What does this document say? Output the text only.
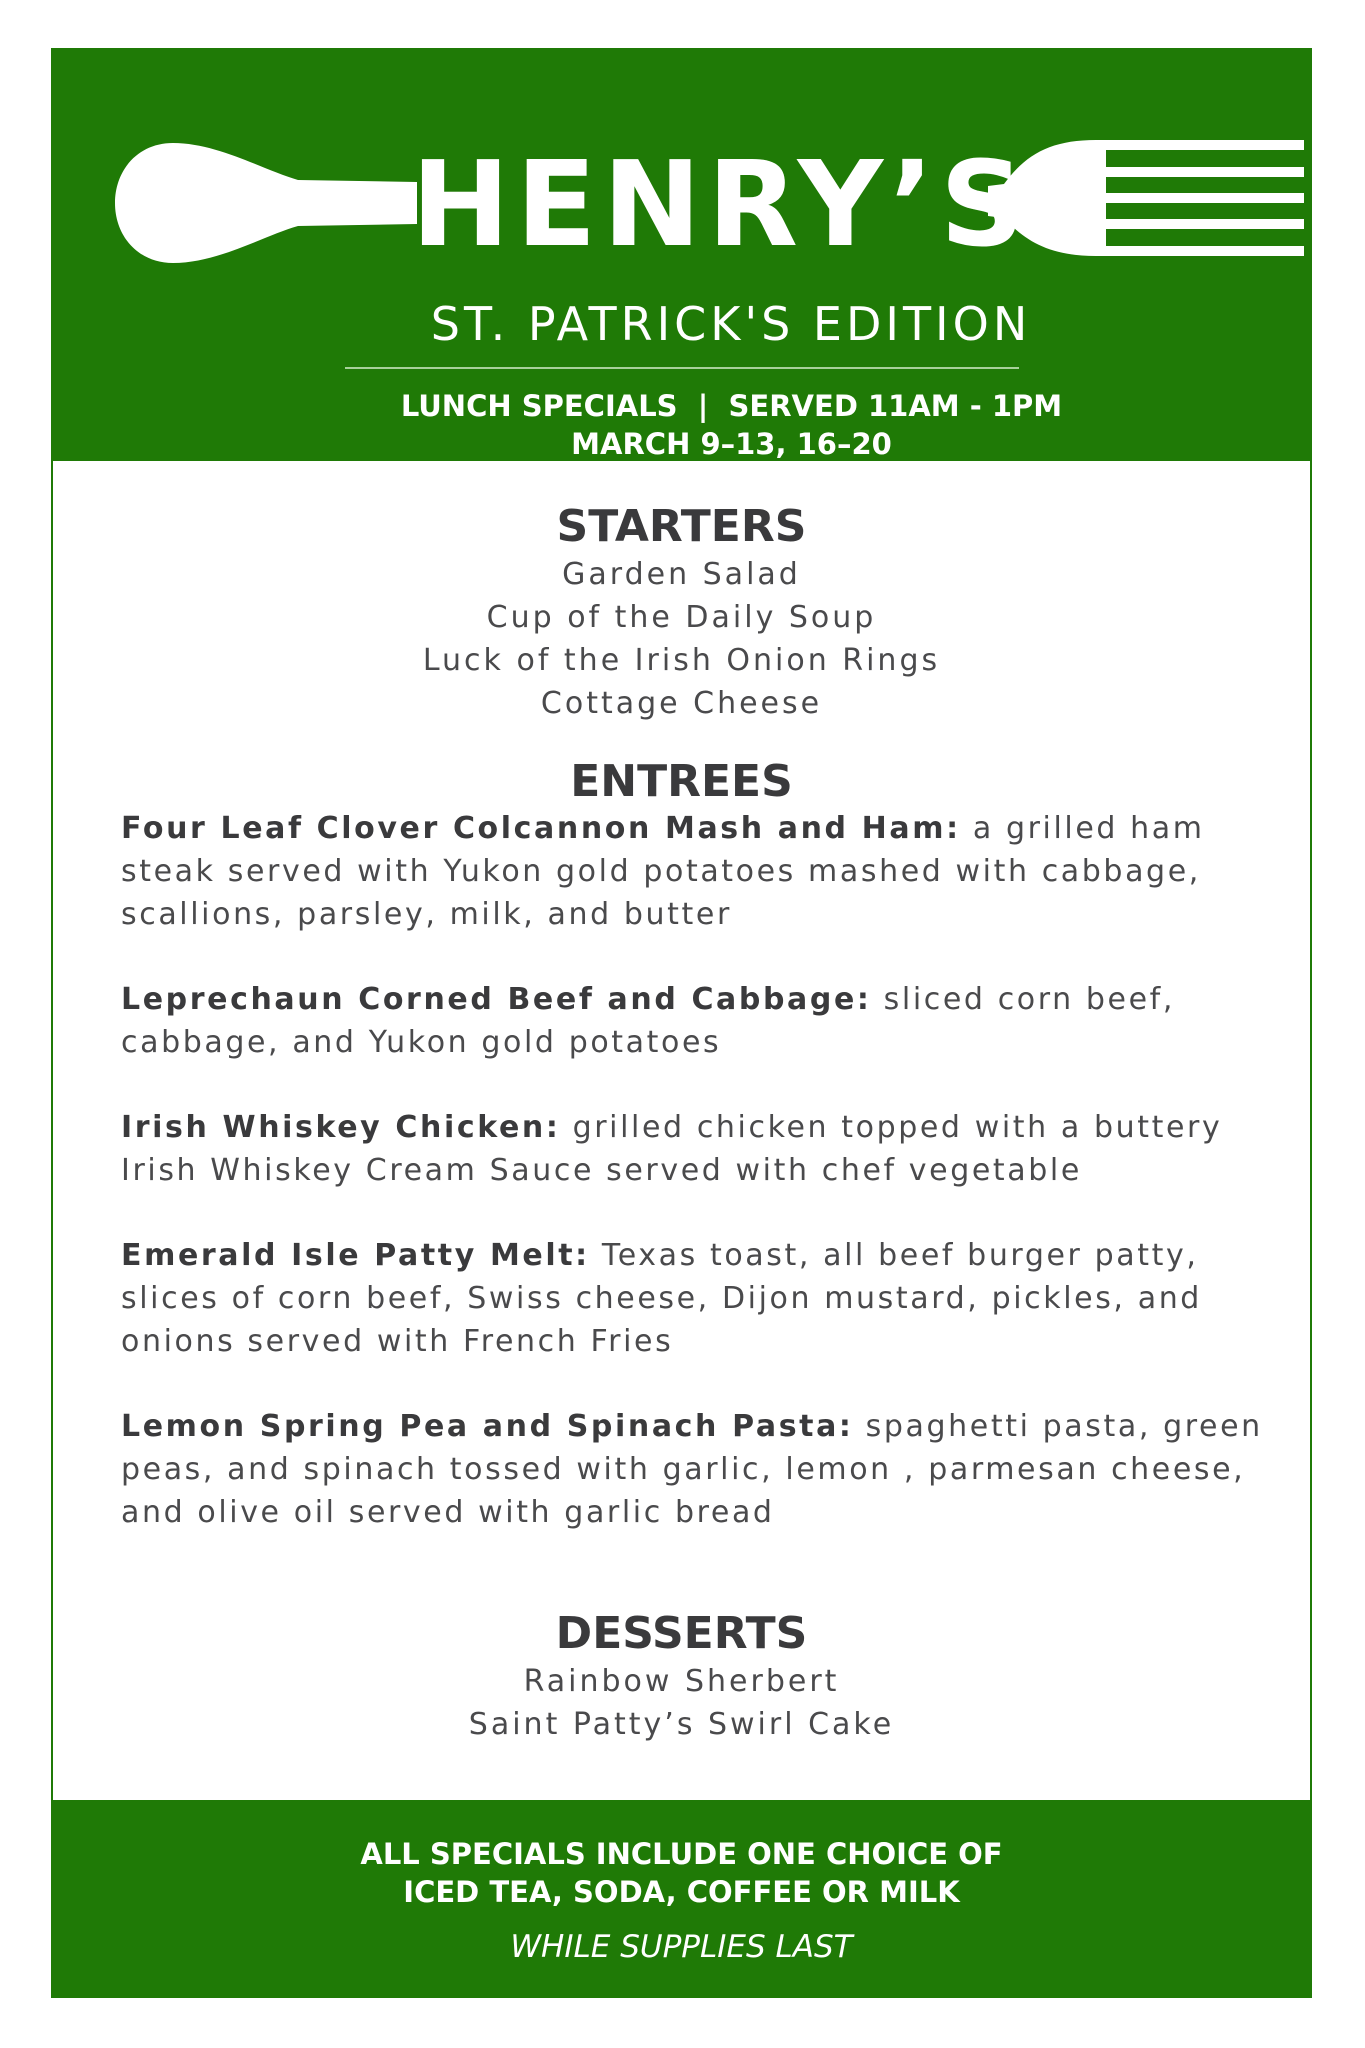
HENRY’S
ST. PATRICK'S EDITION
LUNCH SPECIALS  |  SERVED 11AM - 1PM
MARCH 9–13, 16–20
STARTERS
Garden Salad
Cup of the Daily Soup
Luck of the Irish Onion Rings
Cottage Cheese
ENTREES
Four Leaf Clover Colcannon Mash and Ham: a grilled ham steak served with Yukon gold potatoes mashed with cabbage, scallions, parsley, milk, and butter
Leprechaun Corned Beef and Cabbage: sliced corn beef, cabbage, and Yukon gold potatoes
Irish Whiskey Chicken: grilled chicken topped with a buttery Irish Whiskey Cream Sauce served with chef vegetable
Emerald Isle Patty Melt: Texas toast, all beef burger patty, slices of corn beef, Swiss cheese, Dijon mustard, pickles, and onions served with French Fries
Lemon Spring Pea and Spinach Pasta: spaghetti pasta, green peas, and spinach tossed with garlic, lemon , parmesan cheese, and olive oil served with garlic bread
DESSERTS
Rainbow Sherbert
Saint Patty’s Swirl Cake
ALL SPECIALS INCLUDE ONE CHOICE OF
ICED TEA, SODA, COFFEE OR MILK
WHILE SUPPLIES LAST
